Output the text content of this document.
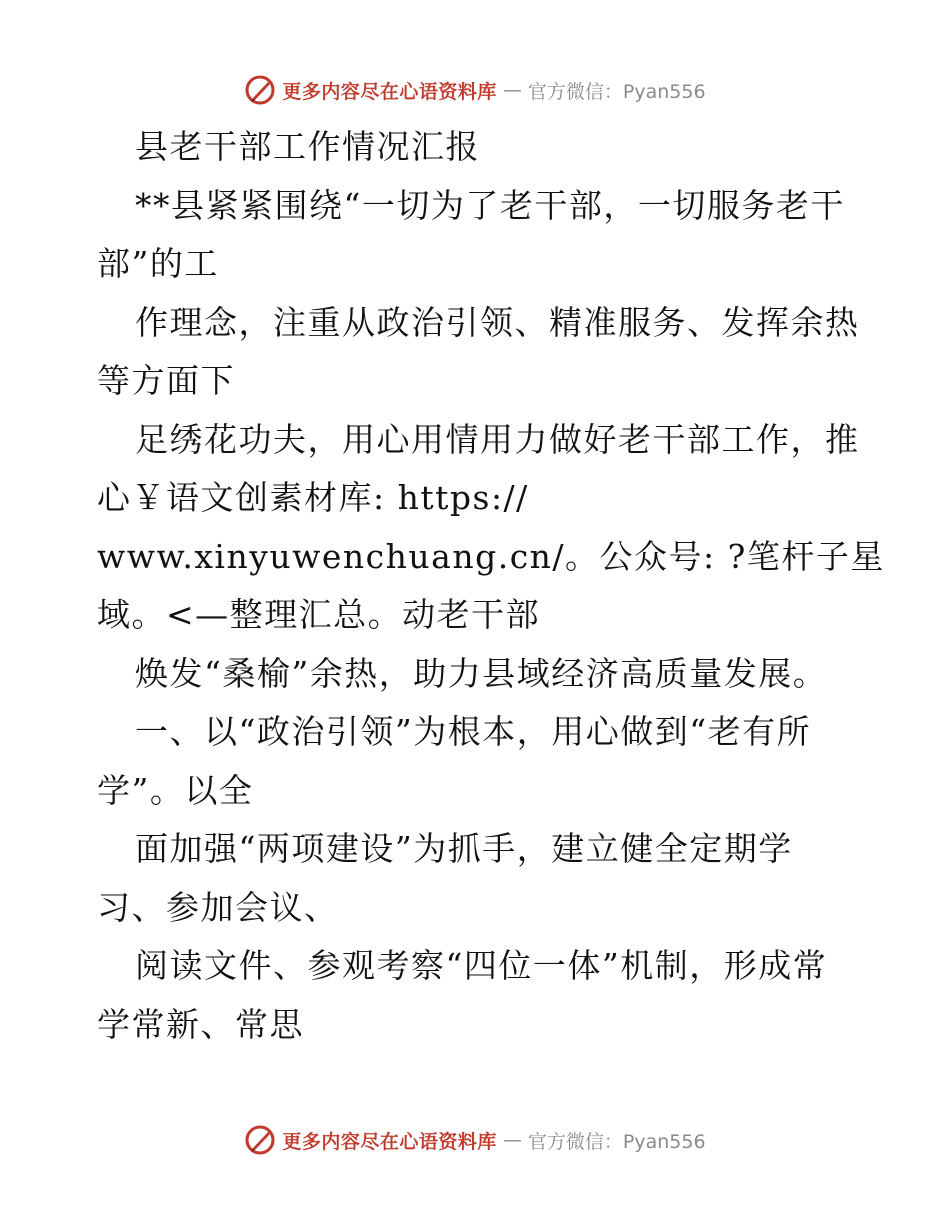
更多内容尽在心语资料库 — 官方微信：Pyan556
县老干部工作情况汇报
**县紧紧围绕“一切为了老干部，一切服务老干
部”的工
作理念，注重从政治引领、精准服务、发挥余热
等方面下
足绣花功夫，用心用情用力做好老干部工作，推
心￥语文创素材库: https://
www.xinyuwenchuang.cn/。公众号: ?笔杆子星
域。<—整理汇总。动老干部
焕发“桑榆”余热，助力县域经济高质量发展。
一、以“政治引领”为根本，用心做到“老有所
学”。以全
面加强“两项建设”为抓手，建立健全定期学
习、参加会议、
阅读文件、参观考察“四位一体”机制，形成常
学常新、常思
更多内容尽在心语资料库 — 官方微信：Pyan556
